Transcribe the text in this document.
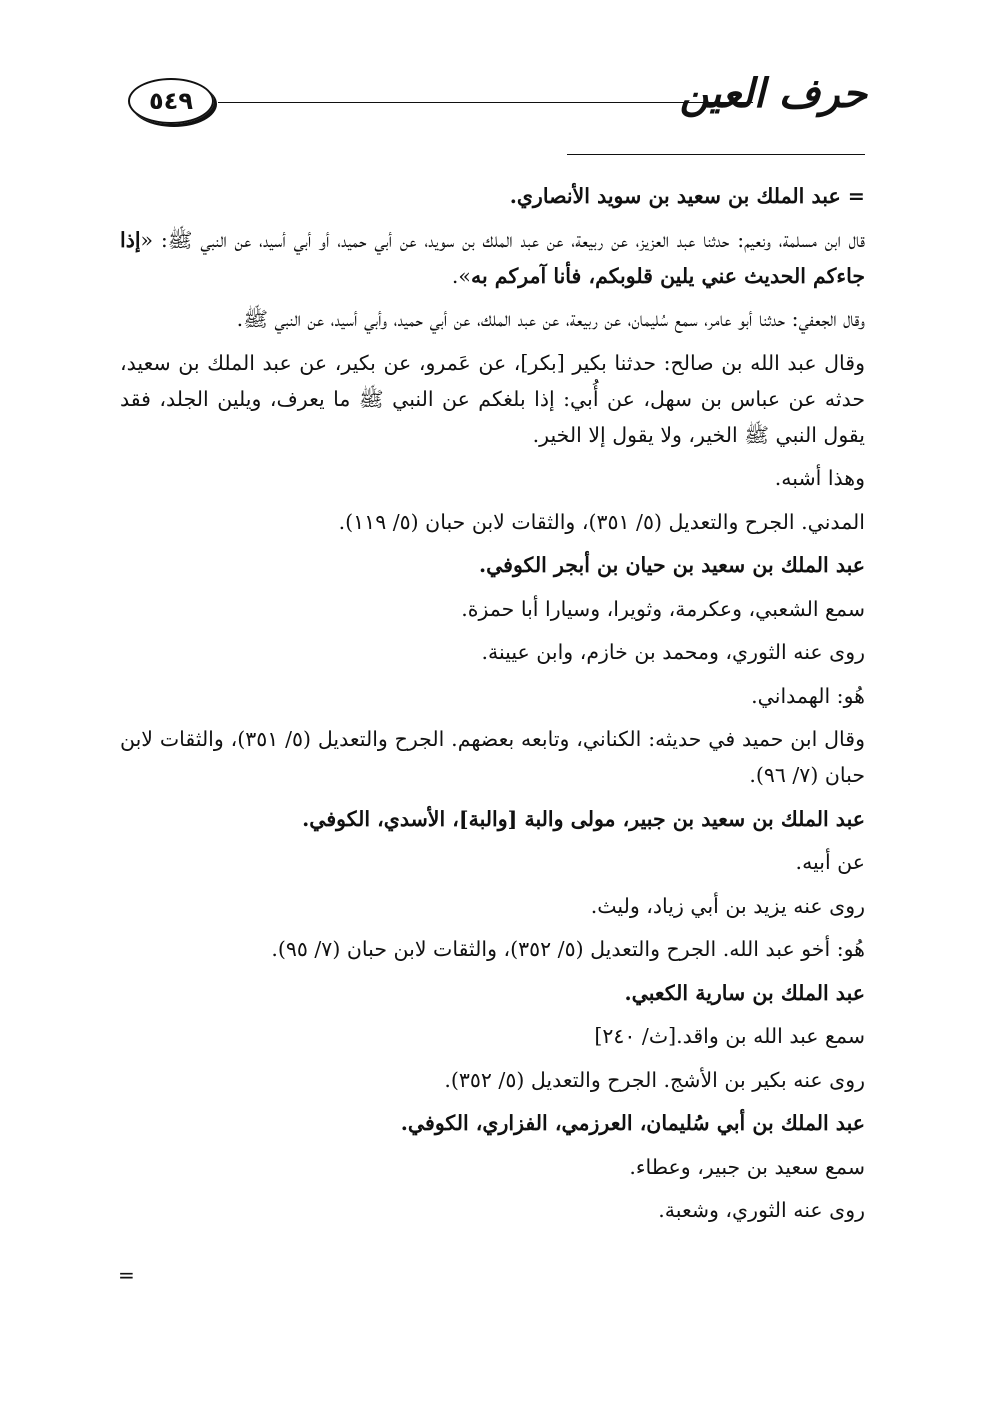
٥٤٩	حرف العين

= عبد الملك بن سعيد بن سويد الأنصاري.

قال ابن مسلمة، ونعيم: حدثنا عبد العزيز، عن ربيعة، عن عبد الملك بن سويد، عن أبي حميد، أو أبي أسيد، عن النبي ﷺ: «إذا جاءكم الحديث عني يلين قلوبكم، فأنا آمركم به».

وقال الجعفي: حدثنا أبو عامر، سمع سُليمان، عن ربيعة، عن عبد الملك، عن أبي حميد، وأبي أسيد، عن النبي ﷺ.

وقال عبد الله بن صالح: حدثنا بكير [بكر]، عن عَمرو، عن بكير، عن عبد الملك بن سعيد، حدثه عن عباس بن سهل، عن أُبي: إذا بلغكم عن النبي ﷺ ما يعرف، ويلين الجلد، فقد يقول النبي ﷺ الخير، ولا يقول إلا الخير.

وهذا أشبه.

المدني. الجرح والتعديل (٥/ ٣٥١)، والثقات لابن حبان (٥/ ١١٩).

عبد الملك بن سعيد بن حيان بن أبجر الكوفي.

سمع الشعبي، وعكرمة، وثويرا، وسيارا أبا حمزة.

روى عنه الثوري، ومحمد بن خازم، وابن عيينة.

هُو: الهمداني.

وقال ابن حميد في حديثه: الكناني، وتابعه بعضهم. الجرح والتعديل (٥/ ٣٥١)، والثقات لابن حبان (٧/ ٩٦).

عبد الملك بن سعيد بن جبير، مولى والبة [والبة]، الأسدي، الكوفي.

عن أبيه.

روى عنه يزيد بن أبي زياد، وليث.

هُو: أخو عبد الله. الجرح والتعديل (٥/ ٣٥٢)، والثقات لابن حبان (٧/ ٩٥).

عبد الملك بن سارية الكعبي.

سمع عبد الله بن واقد.[ث/ ٢٤٠]

روى عنه بكير بن الأشج. الجرح والتعديل (٥/ ٣٥٢).

عبد الملك بن أبي سُليمان، العرزمي، الفزاري، الكوفي.

سمع سعيد بن جبير، وعطاء.

روى عنه الثوري، وشعبة.

=
